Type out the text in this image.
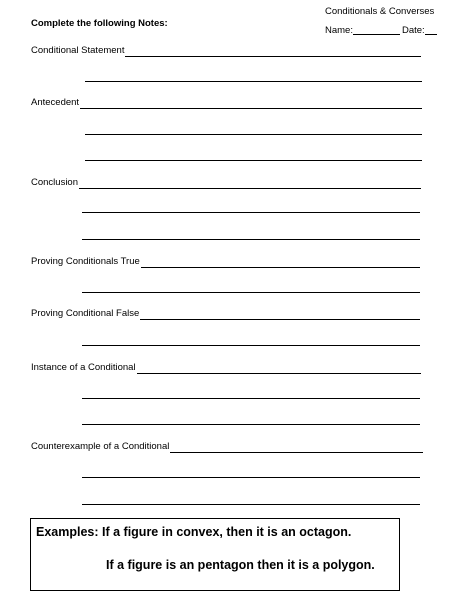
Conditionals & Converses
Name:	Date:
Complete the following Notes:
Conditional Statement
Antecedent
Conclusion
Proving Conditionals True
Proving Conditional False
Instance of a Conditional
Counterexample of a Conditional
Examples: If a figure in convex, then it is an octagon.
If a figure is an pentagon then it is a polygon.
